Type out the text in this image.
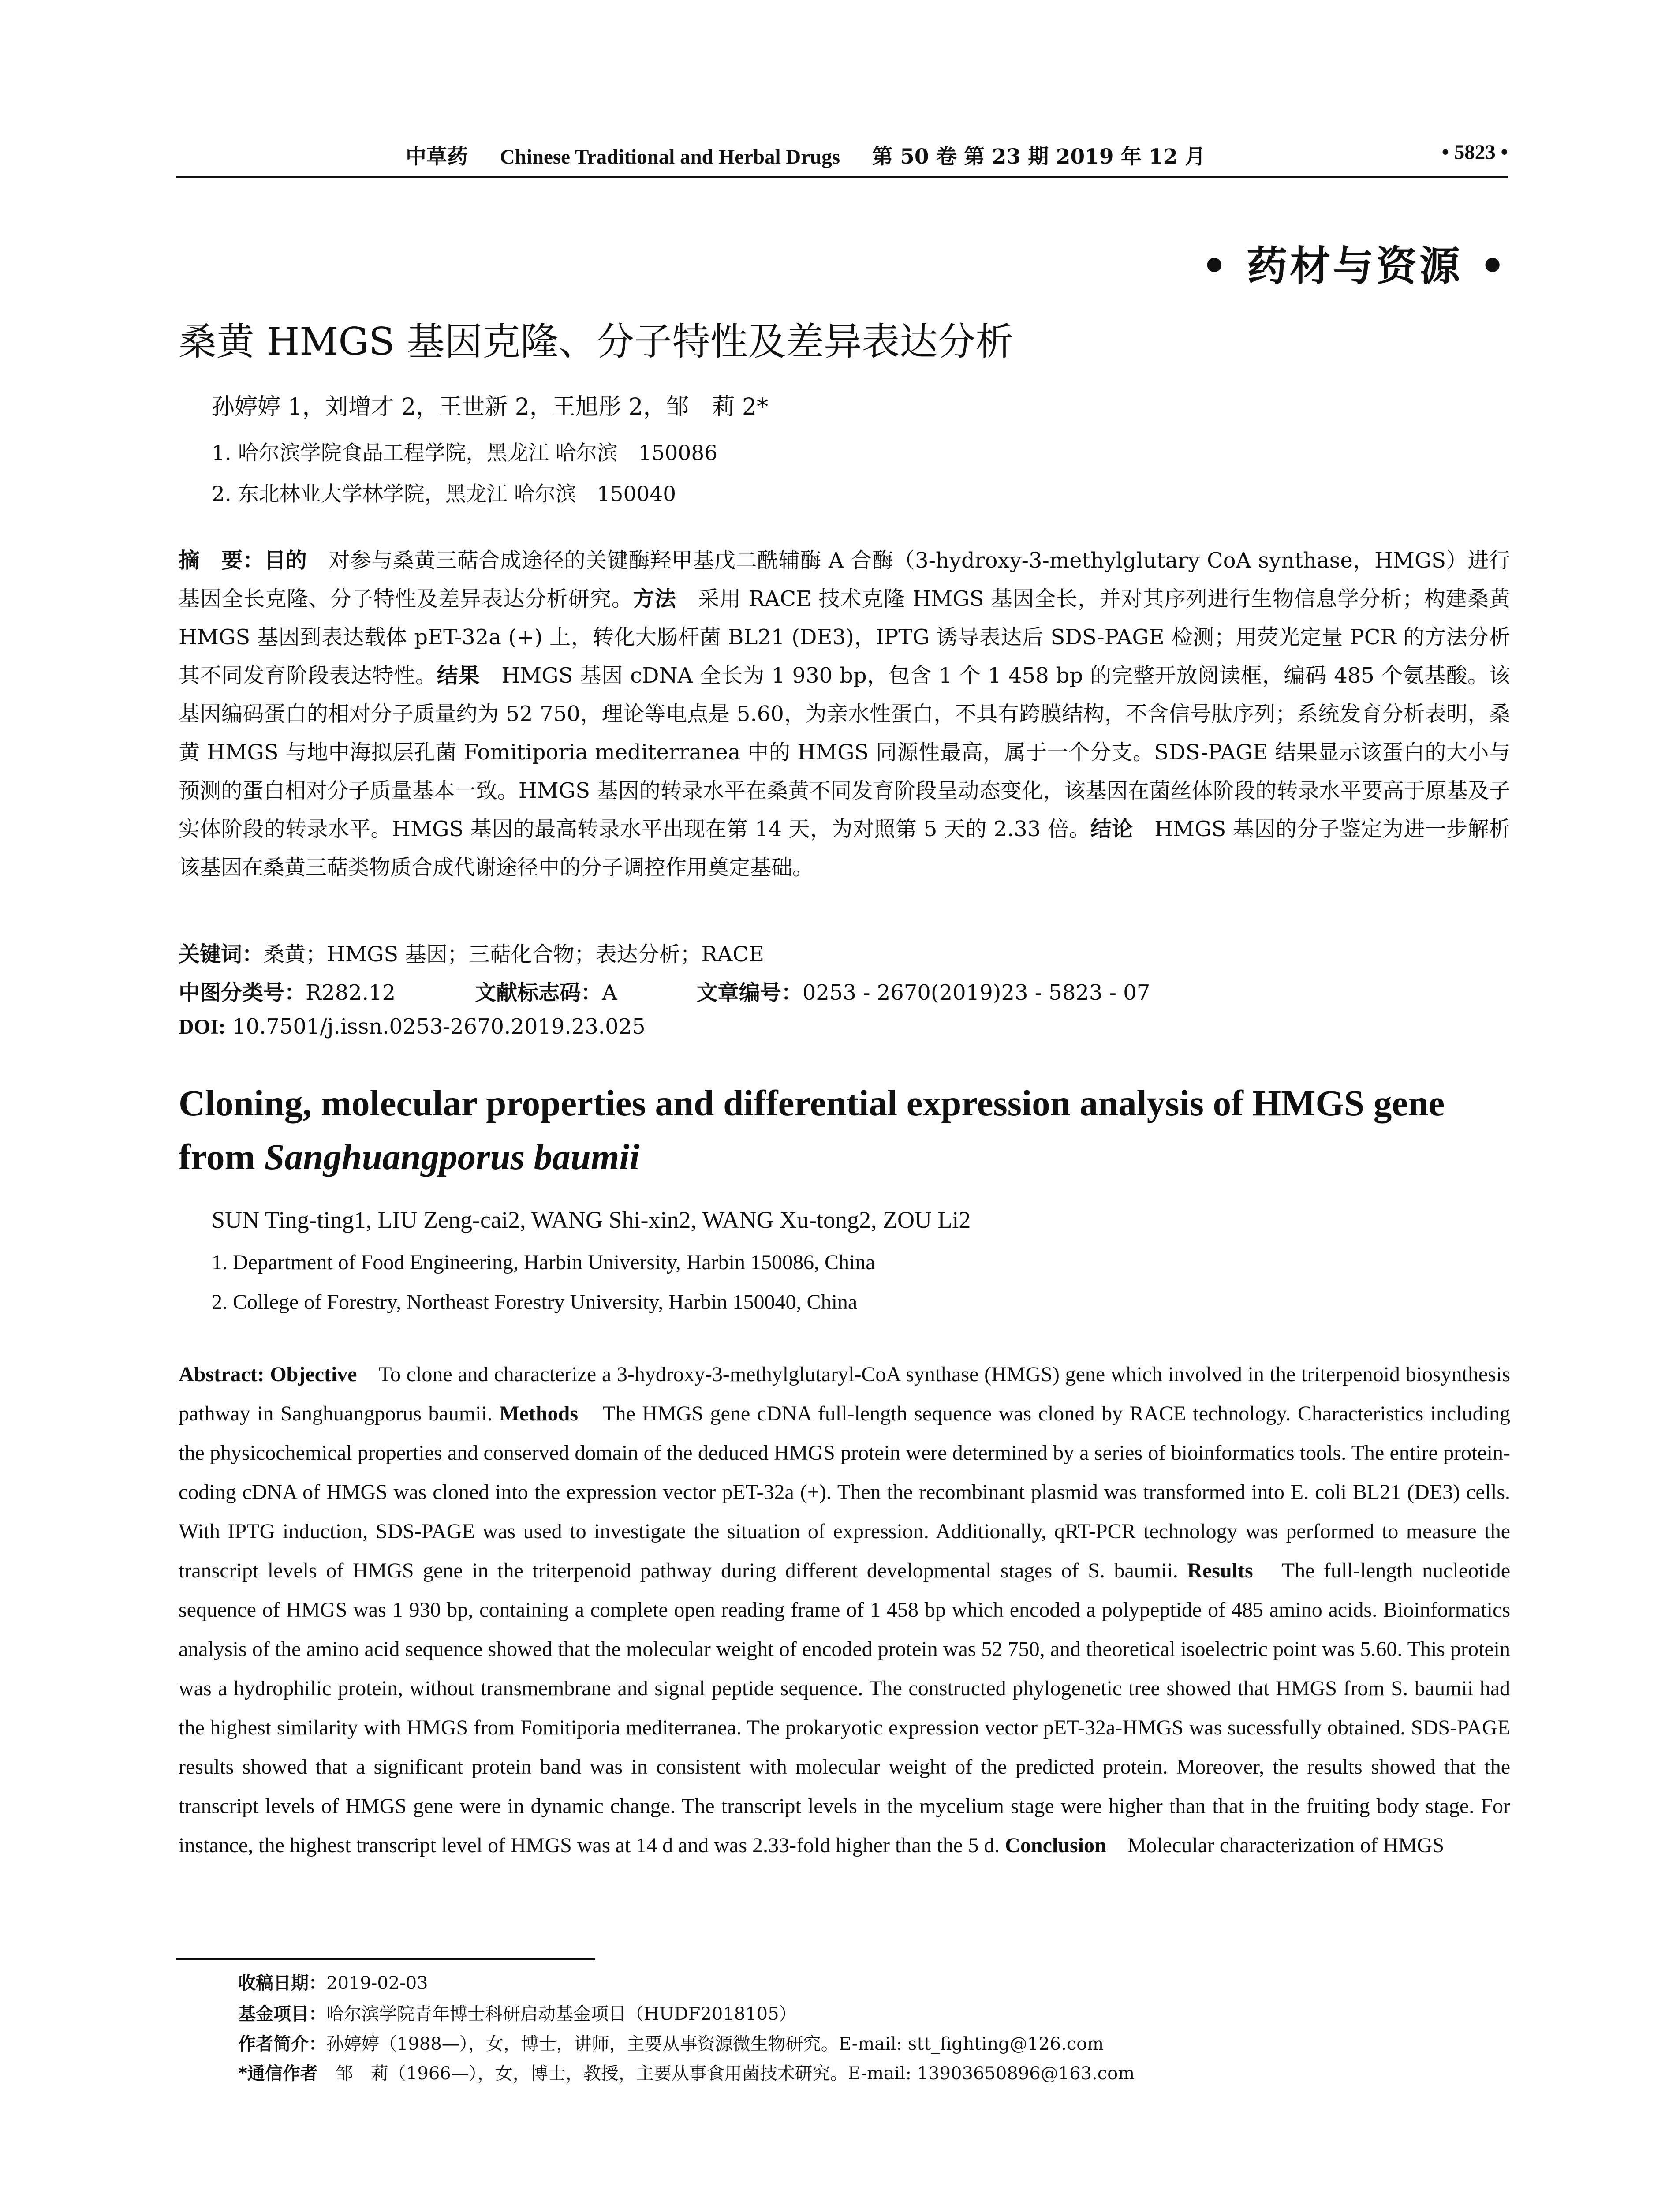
中草药 Chinese Traditional and Herbal Drugs 第 50 卷 第 23 期 2019 年 12 月	• 5823 •
• 药材与资源 •
桑黄 HMGS 基因克隆、分子特性及差异表达分析
孙婷婷 1，刘增才 2，王世新 2，王旭彤 2，邹　莉 2*
1. 哈尔滨学院食品工程学院，黑龙江 哈尔滨　150086
2. 东北林业大学林学院，黑龙江 哈尔滨　150040
摘　要：目的　对参与桑黄三萜合成途径的关键酶羟甲基戊二酰辅酶 A 合酶（3-hydroxy-3-methylglutary CoA synthase，HMGS）进行基因全长克隆、分子特性及差异表达分析研究。方法　采用 RACE 技术克隆 HMGS 基因全长，并对其序列进行生物信息学分析；构建桑黄 HMGS 基因到表达载体 pET-32a (+) 上，转化大肠杆菌 BL21 (DE3)，IPTG 诱导表达后 SDS-PAGE 检测；用荧光定量 PCR 的方法分析其不同发育阶段表达特性。结果　HMGS 基因 cDNA 全长为 1 930 bp，包含 1 个 1 458 bp 的完整开放阅读框，编码 485 个氨基酸。该基因编码蛋白的相对分子质量约为 52 750，理论等电点是 5.60，为亲水性蛋白，不具有跨膜结构，不含信号肽序列；系统发育分析表明，桑黄 HMGS 与地中海拟层孔菌 Fomitiporia mediterranea 中的 HMGS 同源性最高，属于一个分支。SDS-PAGE 结果显示该蛋白的大小与预测的蛋白相对分子质量基本一致。HMGS 基因的转录水平在桑黄不同发育阶段呈动态变化，该基因在菌丝体阶段的转录水平要高于原基及子实体阶段的转录水平。HMGS 基因的最高转录水平出现在第 14 天，为对照第 5 天的 2.33 倍。结论　HMGS 基因的分子鉴定为进一步解析该基因在桑黄三萜类物质合成代谢途径中的分子调控作用奠定基础。
关键词：桑黄；HMGS 基因；三萜化合物；表达分析；RACE
中图分类号：R282.12	文献标志码：A	文章编号：0253 - 2670(2019)23 - 5823 - 07
DOI: 10.7501/j.issn.0253-2670.2019.23.025
Cloning, molecular properties and differential expression analysis of HMGS gene from Sanghuangporus baumii
SUN Ting-ting1, LIU Zeng-cai2, WANG Shi-xin2, WANG Xu-tong2, ZOU Li2
1. Department of Food Engineering, Harbin University, Harbin 150086, China
2. College of Forestry, Northeast Forestry University, Harbin 150040, China
Abstract: Objective　To clone and characterize a 3-hydroxy-3-methylglutaryl-CoA synthase (HMGS) gene which involved in the triterpenoid biosynthesis pathway in Sanghuangporus baumii. Methods　The HMGS gene cDNA full-length sequence was cloned by RACE technology. Characteristics including the physicochemical properties and conserved domain of the deduced HMGS protein were determined by a series of bioinformatics tools. The entire protein-coding cDNA of HMGS was cloned into the expression vector pET-32a (+). Then the recombinant plasmid was transformed into E. coli BL21 (DE3) cells. With IPTG induction, SDS-PAGE was used to investigate the situation of expression. Additionally, qRT-PCR technology was performed to measure the transcript levels of HMGS gene in the triterpenoid pathway during different developmental stages of S. baumii. Results　The full-length nucleotide sequence of HMGS was 1 930 bp, containing a complete open reading frame of 1 458 bp which encoded a polypeptide of 485 amino acids. Bioinformatics analysis of the amino acid sequence showed that the molecular weight of encoded protein was 52 750, and theoretical isoelectric point was 5.60. This protein was a hydrophilic protein, without transmembrane and signal peptide sequence. The constructed phylogenetic tree showed that HMGS from S. baumii had the highest similarity with HMGS from Fomitiporia mediterranea. The prokaryotic expression vector pET-32a-HMGS was sucessfully obtained. SDS-PAGE results showed that a significant protein band was in consistent with molecular weight of the predicted protein. Moreover, the results showed that the transcript levels of HMGS gene were in dynamic change. The transcript levels in the mycelium stage were higher than that in the fruiting body stage. For instance, the highest transcript level of HMGS was at 14 d and was 2.33-fold higher than the 5 d. Conclusion　Molecular characterization of HMGS
收稿日期：2019-02-03
基金项目：哈尔滨学院青年博士科研启动基金项目（HUDF2018105）
作者简介：孙婷婷（1988—），女，博士，讲师，主要从事资源微生物研究。E-mail: stt_fighting@126.com
*通信作者　邹　莉（1966—），女，博士，教授，主要从事食用菌技术研究。E-mail: 13903650896@163.com
